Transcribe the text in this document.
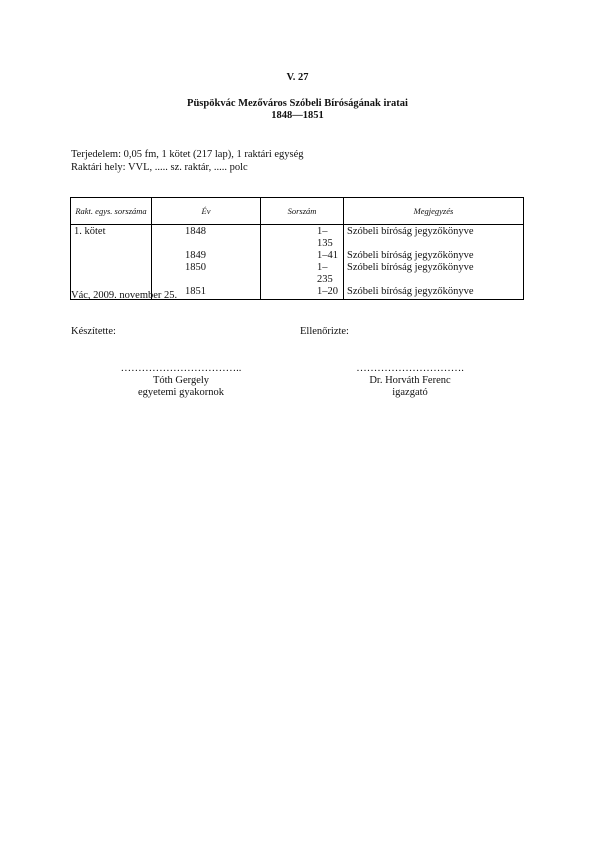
V. 27
Püspökvác Mezőváros Szóbeli Bíróságának iratai
1848—1851
Terjedelem: 0,05 fm, 1 kötet (217 lap), 1 raktári egység
Raktári hely: VVL, ..... sz. raktár, ..... polc
Rakt. egys. sorszáma	Év	Sorszám	Megjegyzés
1. kötet	1848	1–135	Szóbeli bíróság jegyzőkönyve
	1849	1–41	Szóbeli bíróság jegyzőkönyve
	1850	1–235	Szóbeli bíróság jegyzőkönyve
	1851	1–20	Szóbeli bíróság jegyzőkönyve
Vác, 2009. november 25.
Készítette:	Ellenőrizte:
……………………………..
Tóth Gergely
egyetemi gyakornok
………………………….
Dr. Horváth Ferenc
igazgató
